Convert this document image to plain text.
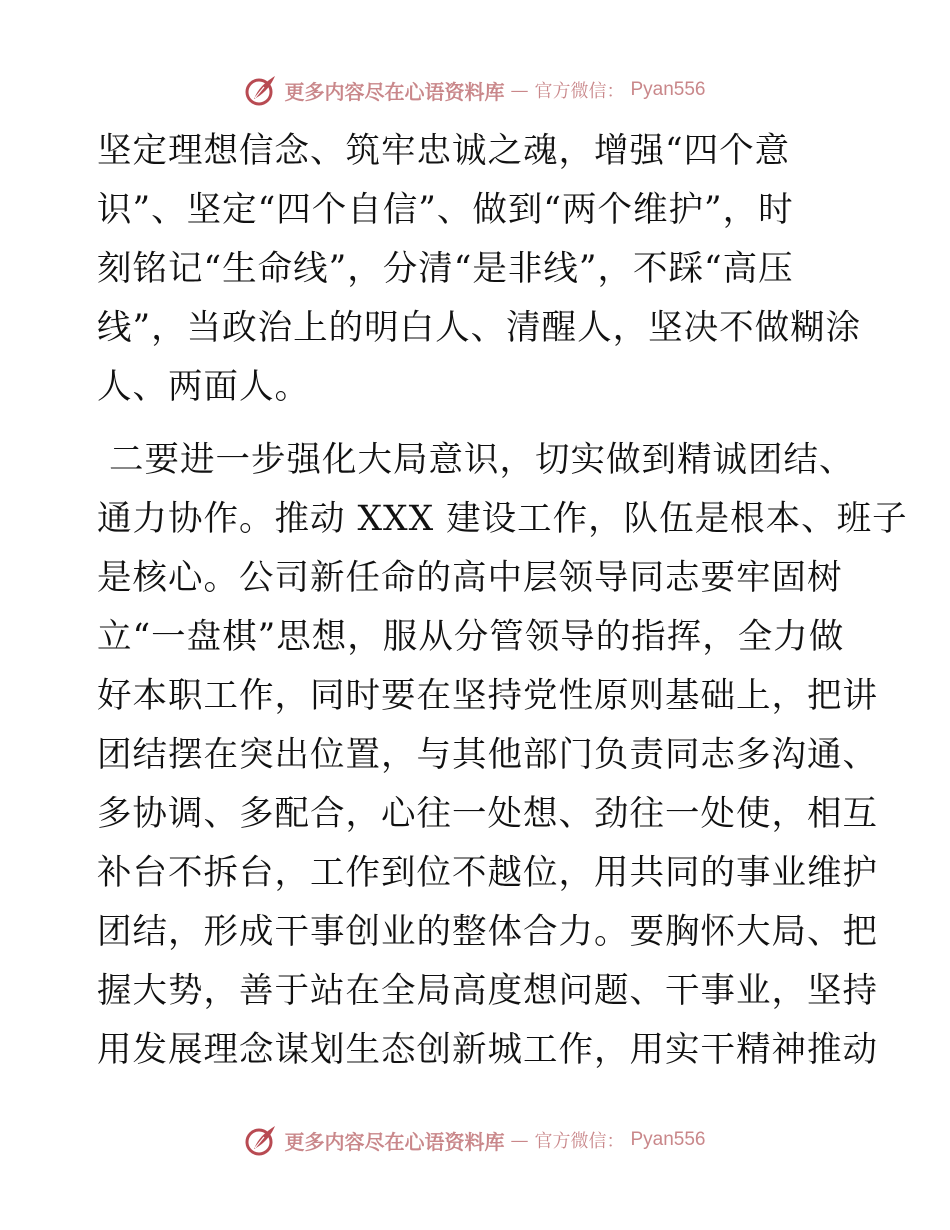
更多内容尽在心语资料库 — 官方微信： Pyan556
坚定理想信念、筑牢忠诚之魂，增强“四个意
识”、坚定“四个自信”、做到“两个维护”，时
刻铭记“生命线”，分清“是非线”，不踩“高压
线”，当政治上的明白人、清醒人，坚决不做糊涂
人、两面人。
二要进一步强化大局意识，切实做到精诚团结、
通力协作。推动 XXX 建设工作，队伍是根本、班子
是核心。公司新任命的高中层领导同志要牢固树
立“一盘棋”思想，服从分管领导的指挥，全力做
好本职工作，同时要在坚持党性原则基础上，把讲
团结摆在突出位置，与其他部门负责同志多沟通、
多协调、多配合，心往一处想、劲往一处使，相互
补台不拆台，工作到位不越位，用共同的事业维护
团结，形成干事创业的整体合力。要胸怀大局、把
握大势，善于站在全局高度想问题、干事业，坚持
用发展理念谋划生态创新城工作，用实干精神推动
更多内容尽在心语资料库 — 官方微信： Pyan556
